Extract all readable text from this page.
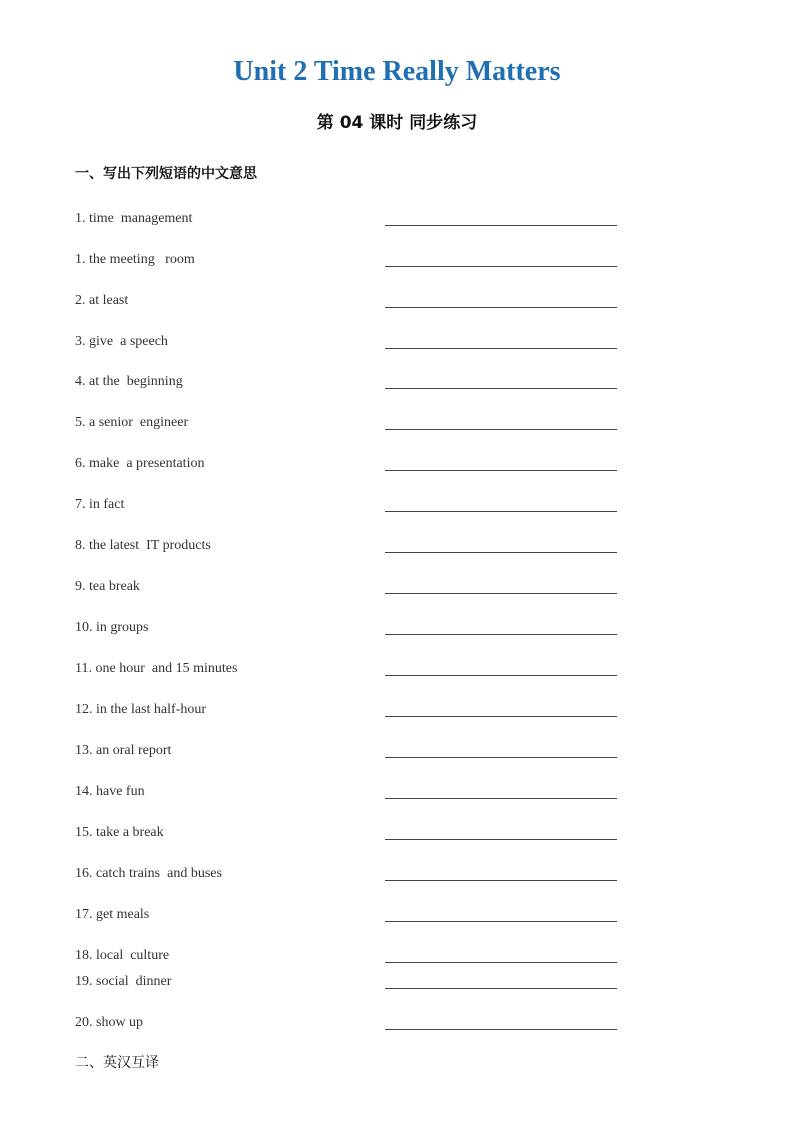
Unit 2 Time Really Matters
第 04 课时 同步练习
一、写出下列短语的中文意思
1. time  management
1. the meeting   room
2. at least
3. give  a speech
4. at the  beginning
5. a senior  engineer
6. make  a presentation
7. in fact
8. the latest  IT products
9. tea break
10. in groups
11. one hour  and 15 minutes
12. in the last half-hour
13. an oral report
14. have fun
15. take a break
16. catch trains  and buses
17. get meals
18. local  culture
19. social  dinner
20. show up
二、英汉互译
